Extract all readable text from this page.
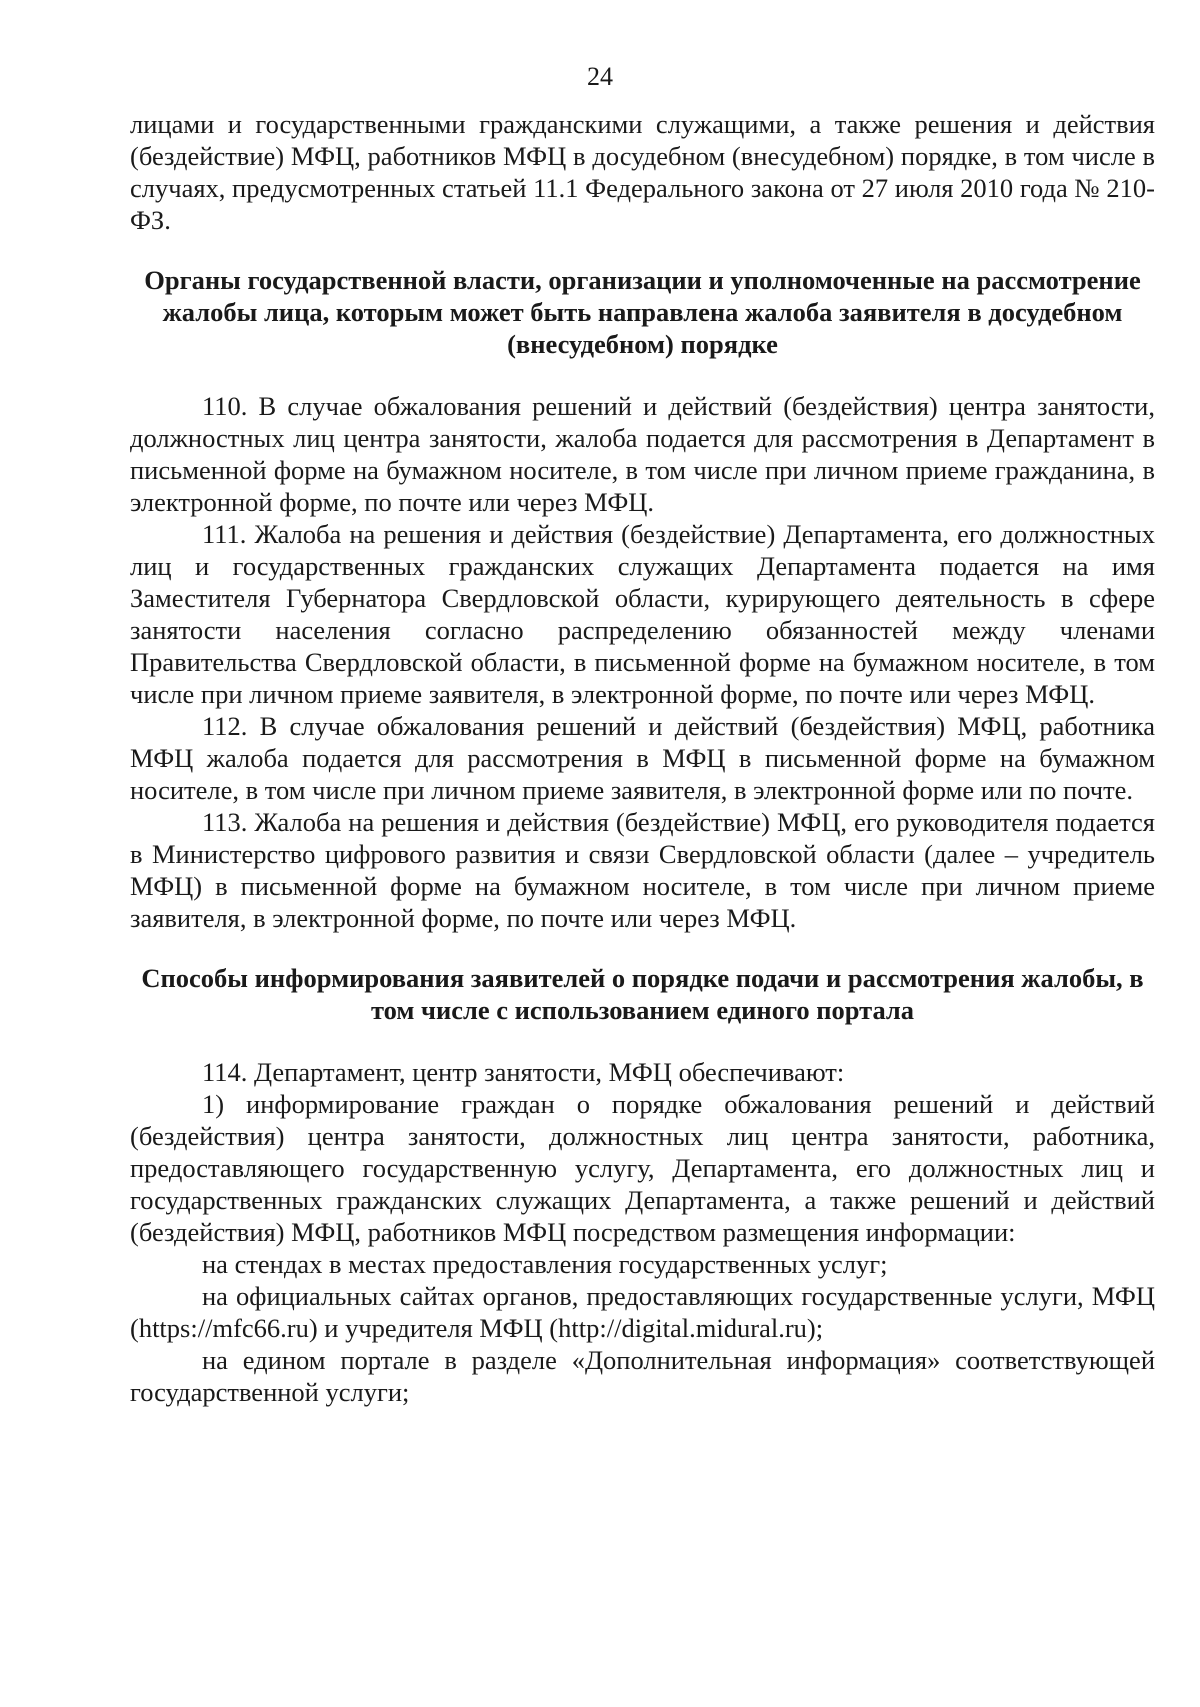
24

лицами и государственными гражданскими служащими, а также решения и действия (бездействие) МФЦ, работников МФЦ в досудебном (внесудебном) порядке, в том числе в случаях, предусмотренных статьей 11.1 Федерального закона от 27 июля 2010 года № 210-ФЗ.

Органы государственной власти, организации и уполномоченные на рассмотрение жалобы лица, которым может быть направлена жалоба заявителя в досудебном (внесудебном) порядке

110. В случае обжалования решений и действий (бездействия) центра занятости, должностных лиц центра занятости, жалоба подается для рассмотрения в Департамент в письменной форме на бумажном носителе, в том числе при личном приеме гражданина, в электронной форме, по почте или через МФЦ.

111. Жалоба на решения и действия (бездействие) Департамента, его должностных лиц и государственных гражданских служащих Департамента подается на имя Заместителя Губернатора Свердловской области, курирующего деятельность в сфере занятости населения согласно распределению обязанностей между членами Правительства Свердловской области, в письменной форме на бумажном носителе, в том числе при личном приеме заявителя, в электронной форме, по почте или через МФЦ.

112. В случае обжалования решений и действий (бездействия) МФЦ, работника МФЦ жалоба подается для рассмотрения в МФЦ в письменной форме на бумажном носителе, в том числе при личном приеме заявителя, в электронной форме или по почте.

113. Жалоба на решения и действия (бездействие) МФЦ, его руководителя подается в Министерство цифрового развития и связи Свердловской области (далее – учредитель МФЦ) в письменной форме на бумажном носителе, в том числе при личном приеме заявителя, в электронной форме, по почте или через МФЦ.

Способы информирования заявителей о порядке подачи и рассмотрения жалобы, в том числе с использованием единого портала

114. Департамент, центр занятости, МФЦ обеспечивают:

1) информирование граждан о порядке обжалования решений и действий (бездействия) центра занятости, должностных лиц центра занятости, работника, предоставляющего государственную услугу, Департамента, его должностных лиц и государственных гражданских служащих Департамента, а также решений и действий (бездействия) МФЦ, работников МФЦ посредством размещения информации:

на стендах в местах предоставления государственных услуг;

на официальных сайтах органов, предоставляющих государственные услуги, МФЦ (https://mfc66.ru) и учредителя МФЦ (http://digital.midural.ru);

на едином портале в разделе «Дополнительная информация» соответствующей государственной услуги;
